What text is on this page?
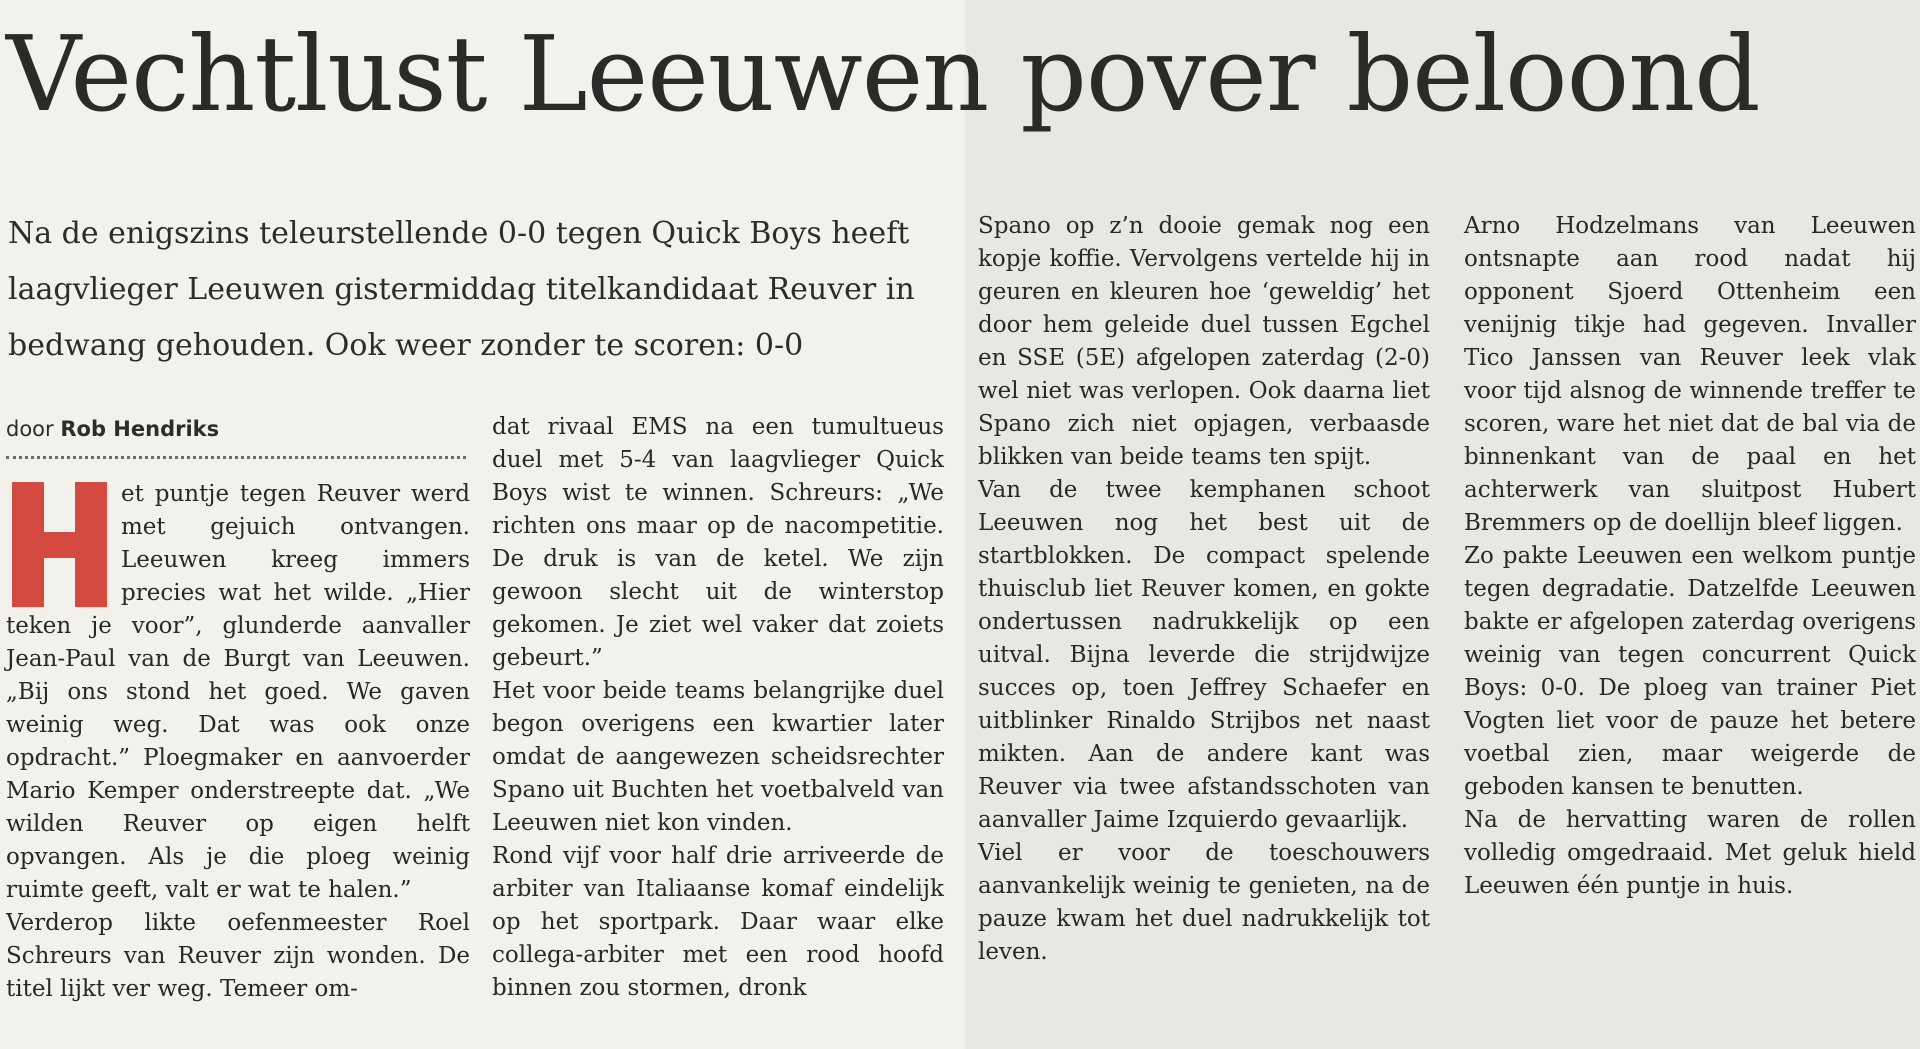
Vechtlust Leeuwen pover beloond

Na de enigszins teleurstellende 0-0 tegen Quick Boys heeft laagvlieger Leeuwen gistermiddag titelkandidaat Reuver in bedwang gehouden. Ook weer zonder te scoren: 0-0

door Rob Hendriks

et puntje tegen Reuver werd met gejuich ontvangen. Leeuwen kreeg immers precies wat het wilde. „Hier teken je voor”, glunderde aanvaller Jean-Paul van de Burgt van Leeuwen. „Bij ons stond het goed. We gaven weinig weg. Dat was ook onze opdracht.” Ploegmaker en aanvoerder Mario Kemper onderstreepte dat. „We wilden Reuver op eigen helft opvangen. Als je die ploeg weinig ruimte geeft, valt er wat te halen.”

Verderop likte oefenmeester Roel Schreurs van Reuver zijn wonden. De titel lijkt ver weg. Temeer om-

dat rivaal EMS na een tumultueus duel met 5-4 van laagvlieger Quick Boys wist te winnen. Schreurs: „We richten ons maar op de nacompetitie. De druk is van de ketel. We zijn gewoon slecht uit de winterstop gekomen. Je ziet wel vaker dat zoiets gebeurt.”

Het voor beide teams belangrijke duel begon overigens een kwartier later omdat de aangewezen scheidsrechter Spano uit Buchten het voetbalveld van Leeuwen niet kon vinden.

Rond vijf voor half drie arriveerde de arbiter van Italiaanse komaf eindelijk op het sportpark. Daar waar elke collega-arbiter met een rood hoofd binnen zou stormen, dronk

Spano op z’n dooie gemak nog een kopje koffie. Vervolgens vertelde hij in geuren en kleuren hoe ‘geweldig’ het door hem geleide duel tussen Egchel en SSE (5E) afgelopen zaterdag (2-0) wel niet was verlopen. Ook daarna liet Spano zich niet opjagen, verbaasde blikken van beide teams ten spijt.

Van de twee kemphanen schoot Leeuwen nog het best uit de startblokken. De compact spelende thuisclub liet Reuver komen, en gokte ondertussen nadrukkelijk op een uitval. Bijna leverde die strijdwijze succes op, toen Jeffrey Schaefer en uitblinker Rinaldo Strijbos net naast mikten. Aan de andere kant was Reuver via twee afstandsschoten van aanvaller Jaime Izquierdo gevaarlijk.

Viel er voor de toeschouwers aanvankelijk weinig te genieten, na de pauze kwam het duel nadrukkelijk tot leven.

Arno Hodzelmans van Leeuwen ontsnapte aan rood nadat hij opponent Sjoerd Ottenheim een venijnig tikje had gegeven. Invaller Tico Janssen van Reuver leek vlak voor tijd alsnog de winnende treffer te scoren, ware het niet dat de bal via de binnenkant van de paal en het achterwerk van sluitpost Hubert Bremmers op de doellijn bleef liggen.

Zo pakte Leeuwen een welkom puntje tegen degradatie. Datzelfde Leeuwen bakte er afgelopen zaterdag overigens weinig van tegen concurrent Quick Boys: 0-0. De ploeg van trainer Piet Vogten liet voor de pauze het betere voetbal zien, maar weigerde de geboden kansen te benutten.

Na de hervatting waren de rollen volledig omgedraaid. Met geluk hield Leeuwen één puntje in huis.
